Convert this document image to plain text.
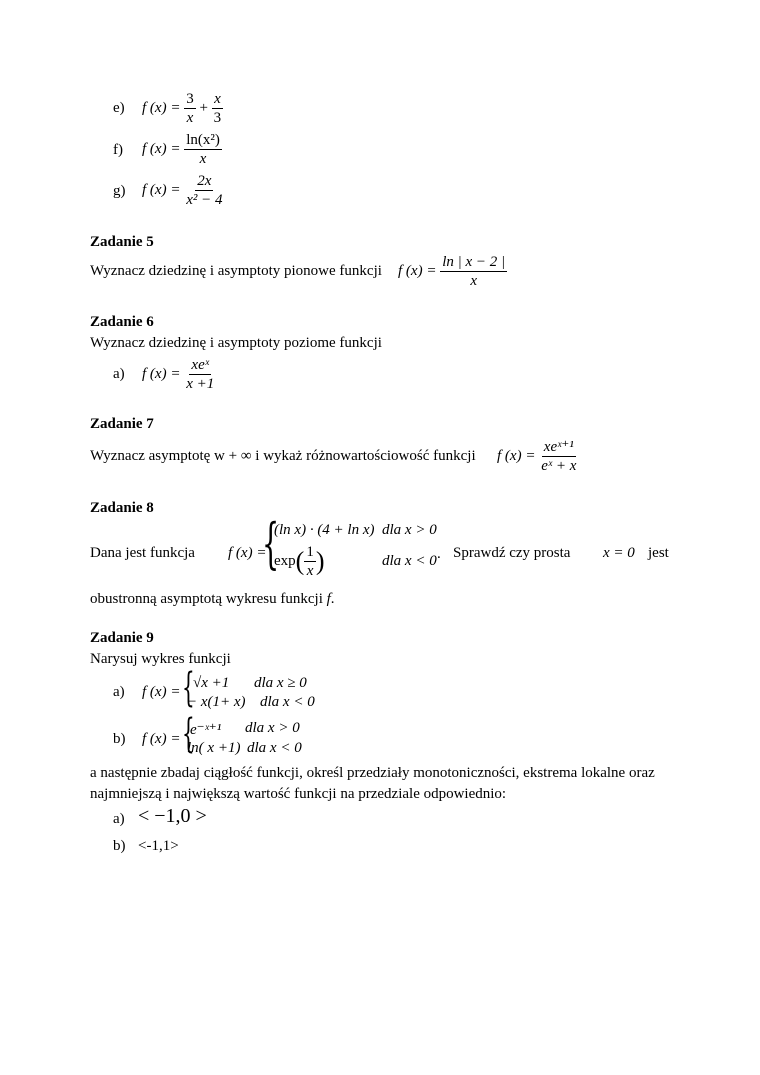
e) f $(x) = \frac{3}{x} + \frac{x}{3}$
f) f $(x) = \frac{\text{ln(x²)}}{x}$
g) f $(x) = \frac{2x}{\text{x² − 4}}$
Zadanie 5
Wyznacz dziedzinę i asymptoty pionowe funkcji f $(x) = \frac{\ln | x - 2 |}{x}$
Zadanie 6
Wyznacz dziedzinę i asymptoty poziome funkcji
a) f $(x) = \frac{\text{xeˣ}}{x +1}$
Zadanie 7
Wyznacz asymptotę w + ∞ i wykaż różnowartościowość funkcji f $(x) = \frac{\text{xeˣ⁺¹}}{\text{eˣ + x}}$
Zadanie 8
Dana jest funkcja f (x) =
{
(ln x) · (4 + ln x) dla x > 0
$\exp( \frac{1}{x}$ )	dla x < 0 . Sprawdź czy prosta x = 0 jest
obustronną asymptotą wykresu funkcji f.
Zadanie 9
Narysuj wykres funkcji
a) f (x) = {
√x +1 dla x ≥ 0
− x(1+ x) dla x < 0
b) f (x) = {
e⁻ˣ⁺¹ dla x > 0
ln( x +1) dla x < 0
a następnie zbadaj ciągłość funkcji, określ przedziały monotoniczności, ekstrema lokalne oraz najmniejszą i największą wartość funkcji na przedziale odpowiednio:
a) < −1,0 >
b) <-1,1>
